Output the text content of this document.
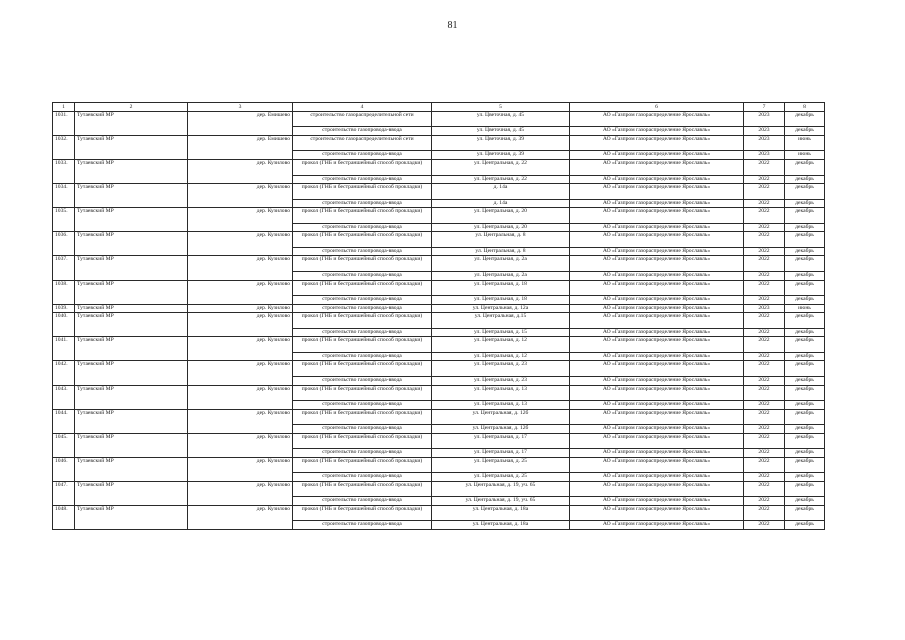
81
1	2	3	4	5	6	7	8
1031.	Тутаевский МР	дер. Емишево	строительство газораспределительной сети	ул. Цветочная, д. 45	АО «Газпром газораспределение Ярославль»	2023	декабрь
			строительство газопровода-ввода	ул. Цветочная, д. 45	АО «Газпром газораспределение Ярославль»	2023	декабрь
1032.	Тутаевский МР	дер. Емишево	строительство газораспределительной сети	ул. Цветочная, д. 39	АО «Газпром газораспределение Ярославль»	2023	июнь
			строительство газопровода-ввода	ул. Цветочная, д. 39	АО «Газпром газораспределение Ярославль»	2023	июнь
1033.	Тутаевский МР	дер. Кузилово	прокол (ГНБ и бестраншейный способ прокладки)	ул. Центральная, д. 22	АО «Газпром газораспределение Ярославль»	2022	декабрь
			строительство газопровода-ввода	ул. Центральная, д. 22	АО «Газпром газораспределение Ярославль»	2022	декабрь
1034.	Тутаевский МР	дер. Кузилово	прокол (ГНБ и бестраншейный способ прокладки)	д. 14а	АО «Газпром газораспределение Ярославль»	2022	декабрь
			строительство газопровода-ввода	д. 14а	АО «Газпром газораспределение Ярославль»	2022	декабрь
1035.	Тутаевский МР	дер. Кузилово	прокол (ГНБ и бестраншейный способ прокладки)	ул. Центральная, д. 20	АО «Газпром газораспределение Ярославль»	2022	декабрь
			строительство газопровода-ввода	ул. Центральная, д. 20	АО «Газпром газораспределение Ярославль»	2022	декабрь
1036.	Тутаевский МР	дер. Кузилово	прокол (ГНБ и бестраншейный способ прокладки)	ул. Центральная, д. 8	АО «Газпром газораспределение Ярославль»	2022	декабрь
			строительство газопровода-ввода	ул. Центральная, д. 8	АО «Газпром газораспределение Ярославль»	2022	декабрь
1037.	Тутаевский МР	дер. Кузилово	прокол (ГНБ и бестраншейный способ прокладки)	ул. Центральная, д. 2а	АО «Газпром газораспределение Ярославль»	2022	декабрь
			строительство газопровода-ввода	ул. Центральная, д. 2а	АО «Газпром газораспределение Ярославль»	2022	декабрь
1038.	Тутаевский МР	дер. Кузилово	прокол (ГНБ и бестраншейный способ прокладки)	ул. Центральная, д. 18	АО «Газпром газораспределение Ярославль»	2022	декабрь
			строительство газопровода-ввода	ул. Центральная, д. 18	АО «Газпром газораспределение Ярославль»	2022	декабрь
1039.	Тутаевский МР	дер. Кузилово	строительство газопровода-ввода	ул. Центральная, д. 12а	АО «Газпром газораспределение Ярославль»	2023	июнь
1040.	Тутаевский МР	дер. Кузилово	прокол (ГНБ и бестраншейный способ прокладки)	ул. Центральная, д.15	АО «Газпром газораспределение Ярославль»	2022	декабрь
			строительство газопровода-ввода	ул. Центральная, д. 15	АО «Газпром газораспределение Ярославль»	2022	декабрь
1041.	Тутаевский МР	дер. Кузилово	прокол (ГНБ и бестраншейный способ прокладки)	ул. Центральная, д. 12	АО «Газпром газораспределение Ярославль»	2022	декабрь
			строительство газопровода-ввода	ул. Центральная, д. 12	АО «Газпром газораспределение Ярославль»	2022	декабрь
1042.	Тутаевский МР	дер. Кузилово	прокол (ГНБ и бестраншейный способ прокладки)	ул. Центральная, д. 23	АО «Газпром газораспределение Ярославль»	2022	декабрь
			строительство газопровода-ввода	ул. Центральная, д. 23	АО «Газпром газораспределение Ярославль»	2022	декабрь
1043.	Тутаевский МР	дер. Кузилово	прокол (ГНБ и бестраншейный способ прокладки)	ул. Центральная, д. 13	АО «Газпром газораспределение Ярославль»	2022	декабрь
			строительство газопровода-ввода	ул. Центральная, д. 13	АО «Газпром газораспределение Ярославль»	2022	декабрь
1044.	Тутаевский МР	дер. Кузилово	прокол (ГНБ и бестраншейный способ прокладки)	ул. Центральная, д. 12б	АО «Газпром газораспределение Ярославль»	2022	декабрь
			строительство газопровода-ввода	ул. Центральная, д. 12б	АО «Газпром газораспределение Ярославль»	2022	декабрь
1045.	Тутаевский МР	дер. Кузилово	прокол (ГНБ и бестраншейный способ прокладки)	ул. Центральная, д. 17	АО «Газпром газораспределение Ярославль»	2022	декабрь
			строительство газопровода-ввода	ул. Центральная, д. 17	АО «Газпром газораспределение Ярославль»	2022	декабрь
1046.	Тутаевский МР	дер. Кузилово	прокол (ГНБ и бестраншейный способ прокладки)	ул. Центральная, д. 25	АО «Газпром газораспределение Ярославль»	2022	декабрь
			строительство газопровода-ввода	ул. Центральная, д. 25	АО «Газпром газораспределение Ярославль»	2022	декабрь
1047.	Тутаевский МР	дер. Кузилово	прокол (ГНБ и бестраншейный способ прокладки)	ул. Центральная, д. 19, уч. 65	АО «Газпром газораспределение Ярославль»	2022	декабрь
			строительство газопровода-ввода	ул. Центральная, д. 19, уч. 65	АО «Газпром газораспределение Ярославль»	2022	декабрь
1048.	Тутаевский МР	дер. Кузилово	прокол (ГНБ и бестраншейный способ прокладки)	ул. Центральная, д. 18а	АО «Газпром газораспределение Ярославль»	2022	декабрь
			строительство газопровода-ввода	ул. Центральная, д. 18а	АО «Газпром газораспределение Ярославль»	2022	декабрь
